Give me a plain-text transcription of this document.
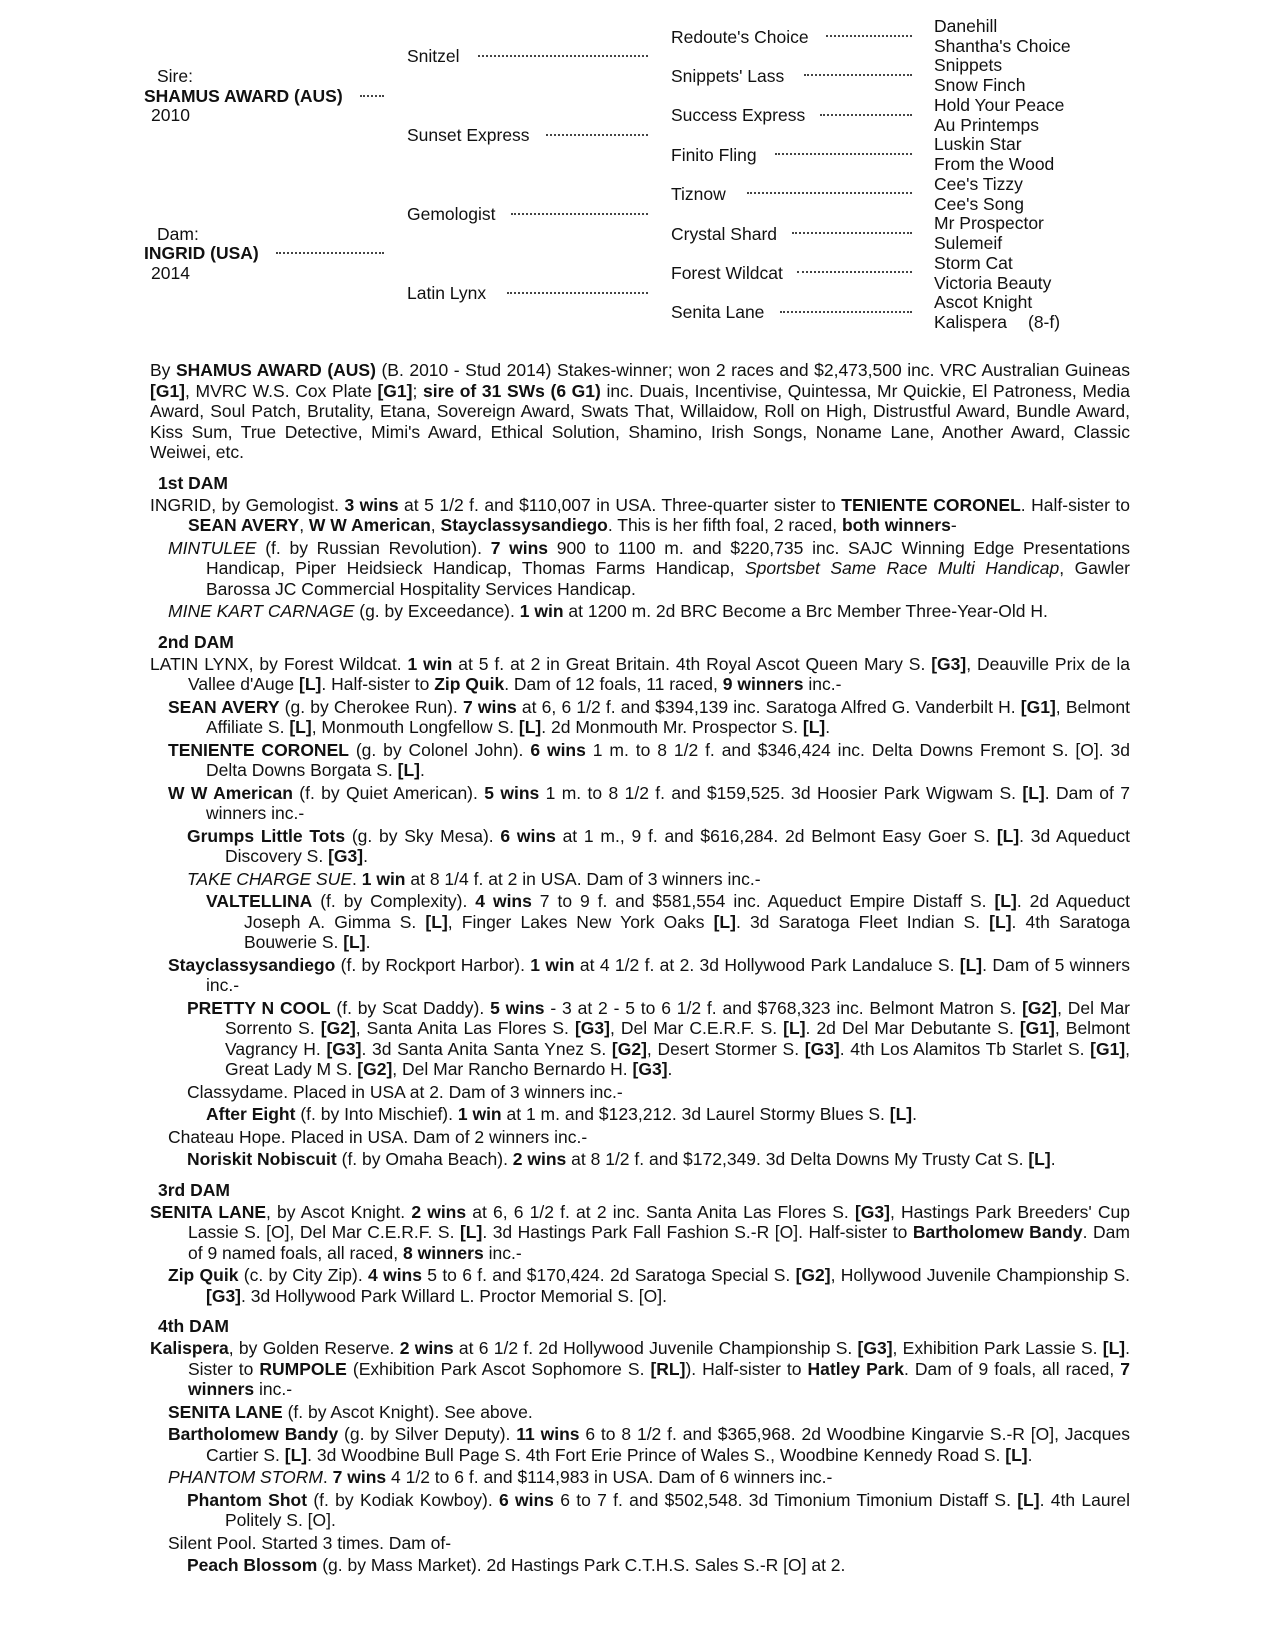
Sire:
SHAMUS AWARD (AUS)
2010
Dam:
INGRID (USA)
2014
Snitzel
Sunset Express
Gemologist
Latin Lynx
Redoute's Choice
Snippets' Lass
Success Express
Finito Fling
Tiznow
Crystal Shard
Forest Wildcat
Senita Lane
Danehill
Shantha's Choice
Snippets
Snow Finch
Hold Your Peace
Au Printemps
Luskin Star
From the Wood
Cee's Tizzy
Cee's Song
Mr Prospector
Sulemeif
Storm Cat
Victoria Beauty
Ascot Knight
Kalispera (8-f)

By SHAMUS AWARD (AUS) (B. 2010 - Stud 2014) Stakes-winner; won 2 races and $2,473,500 inc. VRC Australian Guineas [G1], MVRC W.S. Cox Plate [G1]; sire of 31 SWs (6 G1) inc. Duais, Incentivise, Quintessa, Mr Quickie, El Patroness, Media Award, Soul Patch, Brutality, Etana, Sovereign Award, Swats That, Willaidow, Roll on High, Distrustful Award, Bundle Award, Kiss Sum, True Detective, Mimi's Award, Ethical Solution, Shamino, Irish Songs, Noname Lane, Another Award, Classic Weiwei, etc.

1st DAM
INGRID, by Gemologist. 3 wins at 5 1/2 f. and $110,007 in USA. Three-quarter sister to TENIENTE CORONEL. Half-sister to SEAN AVERY, W W American, Stayclassysandiego. This is her fifth foal, 2 raced, both winners-
MINTULEE (f. by Russian Revolution). 7 wins 900 to 1100 m. and $220,735 inc. SAJC Winning Edge Presentations Handicap, Piper Heidsieck Handicap, Thomas Farms Handicap, Sportsbet Same Race Multi Handicap, Gawler Barossa JC Commercial Hospitality Services Handicap.
MINE KART CARNAGE (g. by Exceedance). 1 win at 1200 m. 2d BRC Become a Brc Member Three-Year-Old H.
2nd DAM
LATIN LYNX, by Forest Wildcat. 1 win at 5 f. at 2 in Great Britain. 4th Royal Ascot Queen Mary S. [G3], Deauville Prix de la Vallee d'Auge [L]. Half-sister to Zip Quik. Dam of 12 foals, 11 raced, 9 winners inc.-
SEAN AVERY (g. by Cherokee Run). 7 wins at 6, 6 1/2 f. and $394,139 inc. Saratoga Alfred G. Vanderbilt H. [G1], Belmont Affiliate S. [L], Monmouth Longfellow S. [L]. 2d Monmouth Mr. Prospector S. [L].
TENIENTE CORONEL (g. by Colonel John). 6 wins 1 m. to 8 1/2 f. and $346,424 inc. Delta Downs Fremont S. [O]. 3d Delta Downs Borgata S. [L].
W W American (f. by Quiet American). 5 wins 1 m. to 8 1/2 f. and $159,525. 3d Hoosier Park Wigwam S. [L]. Dam of 7 winners inc.-
Grumps Little Tots (g. by Sky Mesa). 6 wins at 1 m., 9 f. and $616,284. 2d Belmont Easy Goer S. [L]. 3d Aqueduct Discovery S. [G3].
TAKE CHARGE SUE. 1 win at 8 1/4 f. at 2 in USA. Dam of 3 winners inc.-
VALTELLINA (f. by Complexity). 4 wins 7 to 9 f. and $581,554 inc. Aqueduct Empire Distaff S. [L]. 2d Aqueduct Joseph A. Gimma S. [L], Finger Lakes New York Oaks [L]. 3d Saratoga Fleet Indian S. [L]. 4th Saratoga Bouwerie S. [L].
Stayclassysandiego (f. by Rockport Harbor). 1 win at 4 1/2 f. at 2. 3d Hollywood Park Landaluce S. [L]. Dam of 5 winners inc.-
PRETTY N COOL (f. by Scat Daddy). 5 wins - 3 at 2 - 5 to 6 1/2 f. and $768,323 inc. Belmont Matron S. [G2], Del Mar Sorrento S. [G2], Santa Anita Las Flores S. [G3], Del Mar C.E.R.F. S. [L]. 2d Del Mar Debutante S. [G1], Belmont Vagrancy H. [G3]. 3d Santa Anita Santa Ynez S. [G2], Desert Stormer S. [G3]. 4th Los Alamitos Tb Starlet S. [G1], Great Lady M S. [G2], Del Mar Rancho Bernardo H. [G3].
Classydame. Placed in USA at 2. Dam of 3 winners inc.-
After Eight (f. by Into Mischief). 1 win at 1 m. and $123,212. 3d Laurel Stormy Blues S. [L].
Chateau Hope. Placed in USA. Dam of 2 winners inc.-
Noriskit Nobiscuit (f. by Omaha Beach). 2 wins at 8 1/2 f. and $172,349. 3d Delta Downs My Trusty Cat S. [L].
3rd DAM
SENITA LANE, by Ascot Knight. 2 wins at 6, 6 1/2 f. at 2 inc. Santa Anita Las Flores S. [G3], Hastings Park Breeders' Cup Lassie S. [O], Del Mar C.E.R.F. S. [L]. 3d Hastings Park Fall Fashion S.-R [O]. Half-sister to Bartholomew Bandy. Dam of 9 named foals, all raced, 8 winners inc.-
Zip Quik (c. by City Zip). 4 wins 5 to 6 f. and $170,424. 2d Saratoga Special S. [G2], Hollywood Juvenile Championship S. [G3]. 3d Hollywood Park Willard L. Proctor Memorial S. [O].
4th DAM
Kalispera, by Golden Reserve. 2 wins at 6 1/2 f. 2d Hollywood Juvenile Championship S. [G3], Exhibition Park Lassie S. [L]. Sister to RUMPOLE (Exhibition Park Ascot Sophomore S. [RL]). Half-sister to Hatley Park. Dam of 9 foals, all raced, 7 winners inc.-
SENITA LANE (f. by Ascot Knight). See above.
Bartholomew Bandy (g. by Silver Deputy). 11 wins 6 to 8 1/2 f. and $365,968. 2d Woodbine Kingarvie S.-R [O], Jacques Cartier S. [L]. 3d Woodbine Bull Page S. 4th Fort Erie Prince of Wales S., Woodbine Kennedy Road S. [L].
PHANTOM STORM. 7 wins 4 1/2 to 6 f. and $114,983 in USA. Dam of 6 winners inc.-
Phantom Shot (f. by Kodiak Kowboy). 6 wins 6 to 7 f. and $502,548. 3d Timonium Timonium Distaff S. [L]. 4th Laurel Politely S. [O].
Silent Pool. Started 3 times. Dam of-
Peach Blossom (g. by Mass Market). 2d Hastings Park C.T.H.S. Sales S.-R [O] at 2.
